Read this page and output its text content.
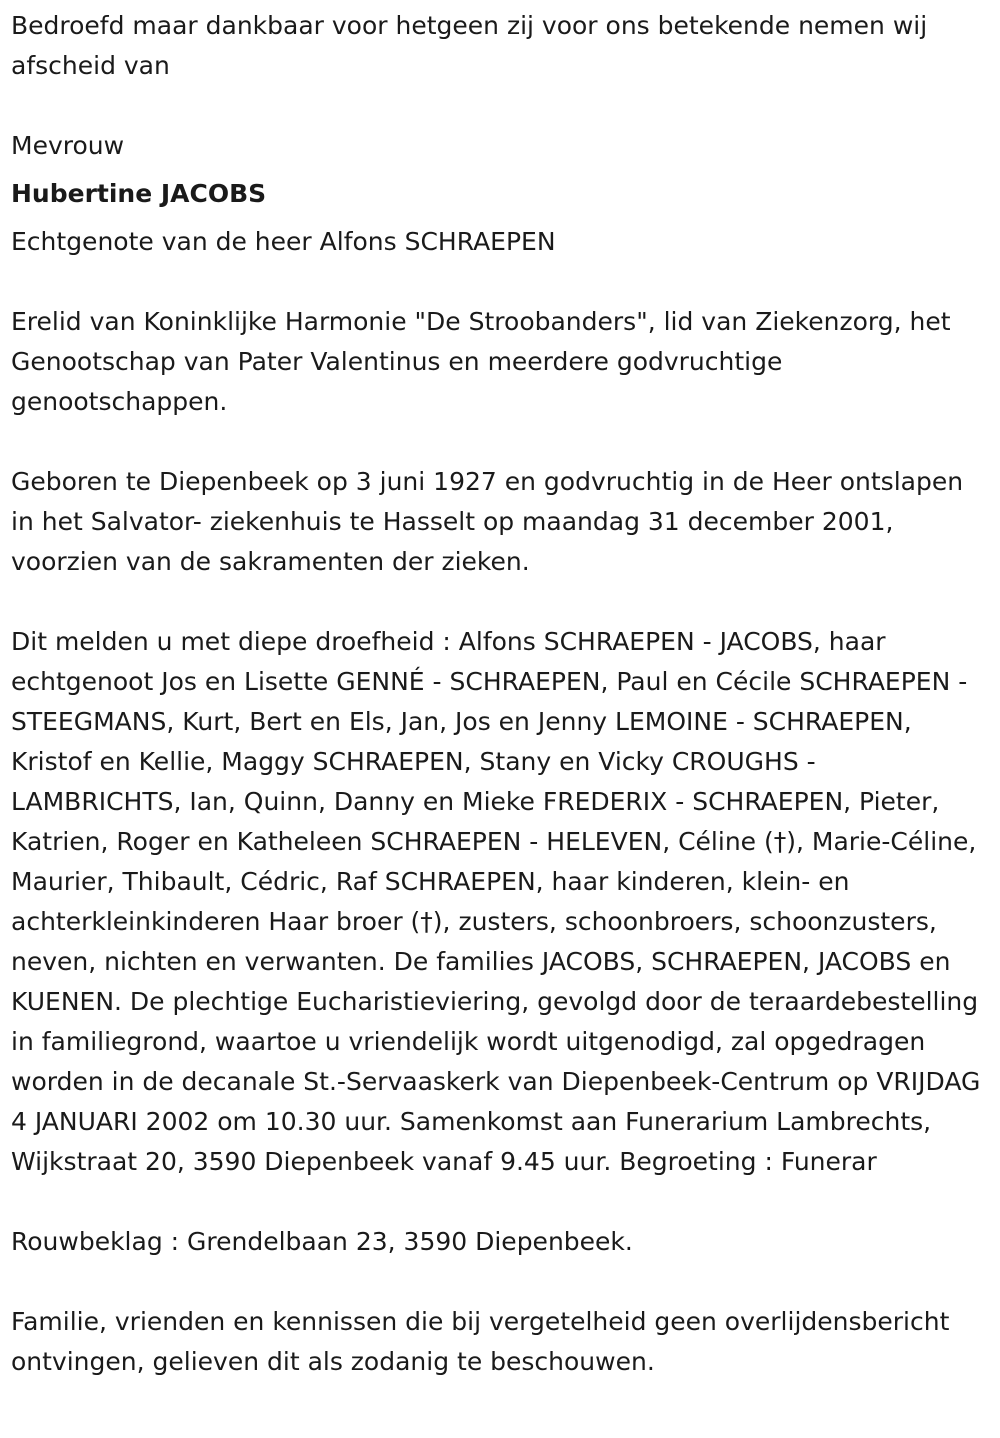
Bedroefd maar dankbaar voor hetgeen zij voor ons betekende nemen wij afscheid van

Mevrouw

Hubertine JACOBS

Echtgenote van de heer Alfons SCHRAEPEN

Erelid van Koninklijke Harmonie "De Stroobanders", lid van Ziekenzorg, het Genootschap van Pater Valentinus en meerdere godvruchtige genootschappen.

Geboren te Diepenbeek op 3 juni 1927 en godvruchtig in de Heer ontslapen in het Salvator- ziekenhuis te Hasselt op maandag 31 december 2001, voorzien van de sakramenten der zieken.

Dit melden u met diepe droefheid : Alfons SCHRAEPEN - JACOBS, haar echtgenoot Jos en Lisette GENNÉ - SCHRAEPEN, Paul en Cécile SCHRAEPEN - STEEGMANS, Kurt, Bert en Els, Jan, Jos en Jenny LEMOINE - SCHRAEPEN, Kristof en Kellie, Maggy SCHRAEPEN, Stany en Vicky CROUGHS - LAMBRICHTS, Ian, Quinn, Danny en Mieke FREDERIX - SCHRAEPEN, Pieter, Katrien, Roger en Katheleen SCHRAEPEN - HELEVEN, Céline (†), Marie-Céline, Maurier, Thibault, Cédric, Raf SCHRAEPEN, haar kinderen, klein- en achterkleinkinderen Haar broer (†), zusters, schoonbroers, schoonzusters, neven, nichten en verwanten. De families JACOBS, SCHRAEPEN, JACOBS en KUENEN. De plechtige Eucharistieviering, gevolgd door de teraardebestelling in familiegrond, waartoe u vriendelijk wordt uitgenodigd, zal opgedragen worden in de decanale St.-Servaaskerk van Diepenbeek-Centrum op VRIJDAG 4 JANUARI 2002 om 10.30 uur. Samenkomst aan Funerarium Lambrechts, Wijkstraat 20, 3590 Diepenbeek vanaf 9.45 uur. Begroeting : Funerar

Rouwbeklag : Grendelbaan 23, 3590 Diepenbeek.

Familie, vrienden en kennissen die bij vergetelheid geen overlijdensbericht ontvingen, gelieven dit als zodanig te beschouwen.
